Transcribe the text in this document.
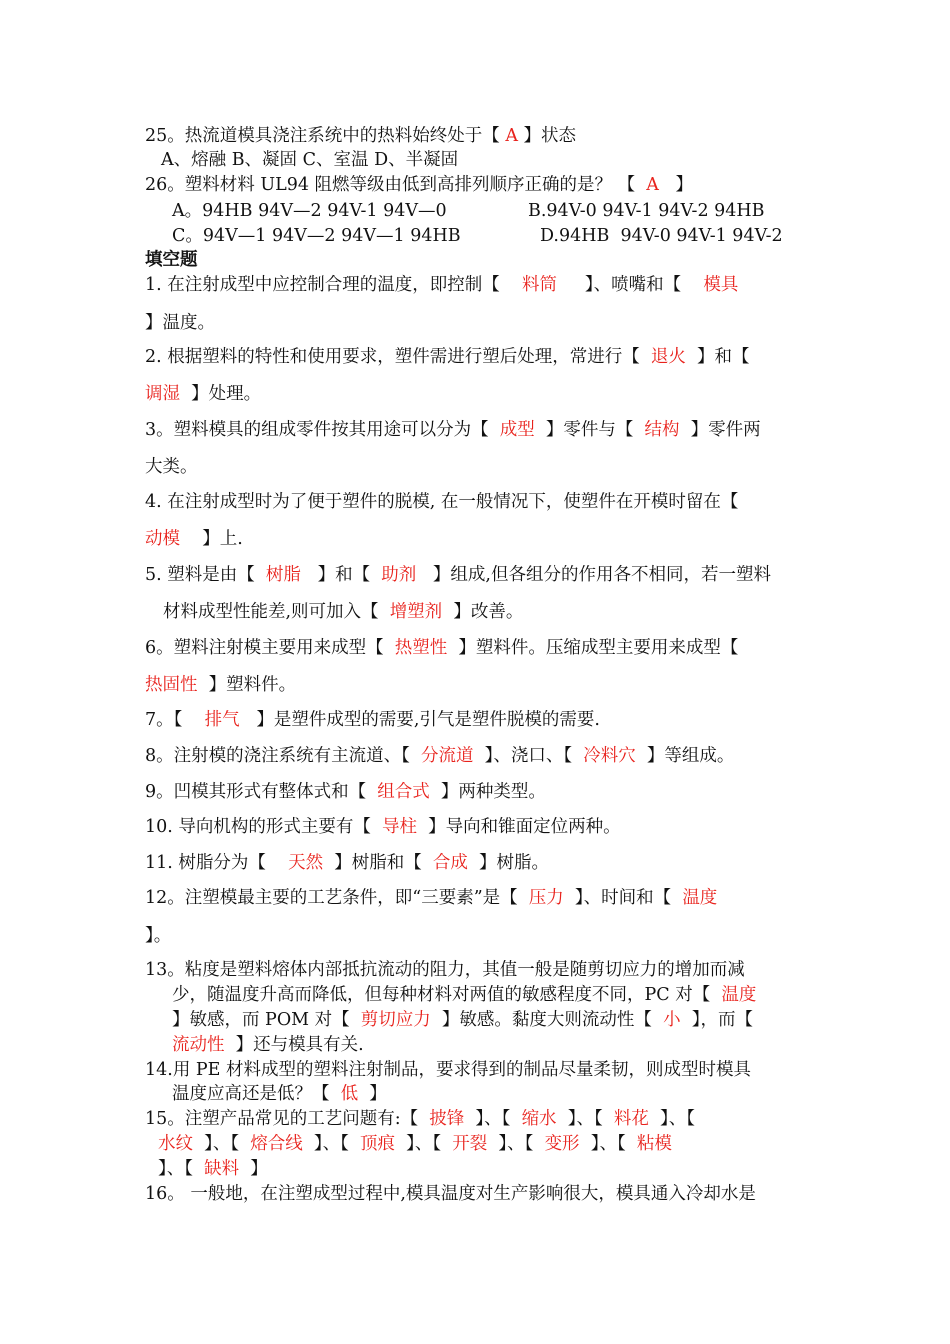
25。热流道模具浇注系统中的热料始终处于【 A 】状态
A、熔融 B、凝固 C、室温 D、半凝固
26。塑料材料 UL94 阻燃等级由低到高排列顺序正确的是？ 【  A   】
A。94HB 94V—2 94V-1 94V—0	B.94V-0 94V-1 94V-2 94HB
C。94V—1 94V—2 94V—1 94HB	D.94HB  94V-0 94V-1 94V-2
填空题
1. 在注射成型中应控制合理的温度，即控制【    料筒     】、喷嘴和【    模具
】温度。
2. 根据塑料的特性和使用要求，塑件需进行塑后处理，常进行【  退火  】和【
调湿  】处理。
3。塑料模具的组成零件按其用途可以分为【  成型  】零件与【  结构  】零件两
大类。
4. 在注射成型时为了便于塑件的脱模, 在一般情况下，使塑件在开模时留在【
动模    】上.
5. 塑料是由【  树脂   】和【  助剂   】组成,但各组分的作用各不相同，若一塑料
材料成型性能差,则可加入【  增塑剂  】改善。
6。塑料注射模主要用来成型【  热塑性  】塑料件。压缩成型主要用来成型【
热固性  】塑料件。
7。【    排气   】是塑件成型的需要,引气是塑件脱模的需要.
8。注射模的浇注系统有主流道、【  分流道  】、浇口、【  冷料穴  】等组成。
9。凹模其形式有整体式和【  组合式  】两种类型。
10. 导向机构的形式主要有【  导柱  】导向和锥面定位两种。
11. 树脂分为【    天然  】树脂和【  合成  】树脂。
12。注塑模最主要的工艺条件，即“三要素”是【  压力  】、时间和【  温度
】。
13。粘度是塑料熔体内部抵抗流动的阻力，其值一般是随剪切应力的增加而减
少，随温度升高而降低，但每种材料对两值的敏感程度不同，PC 对【  温度
】敏感，而 POM 对【  剪切应力  】敏感。黏度大则流动性【  小  】，而【
流动性  】还与模具有关.
14.用 PE 材料成型的塑料注射制品，要求得到的制品尽量柔韧，则成型时模具
温度应高还是低？【  低  】
15。注塑产品常见的工艺问题有:【  披锋  】、【  缩水  】、【  料花  】、【
水纹  】、【  熔合线  】、【  顶痕  】、【  开裂  】、【  变形  】、【  粘模
】、【  缺料  】
16。 一般地，在注塑成型过程中,模具温度对生产影响很大，模具通入冷却水是
